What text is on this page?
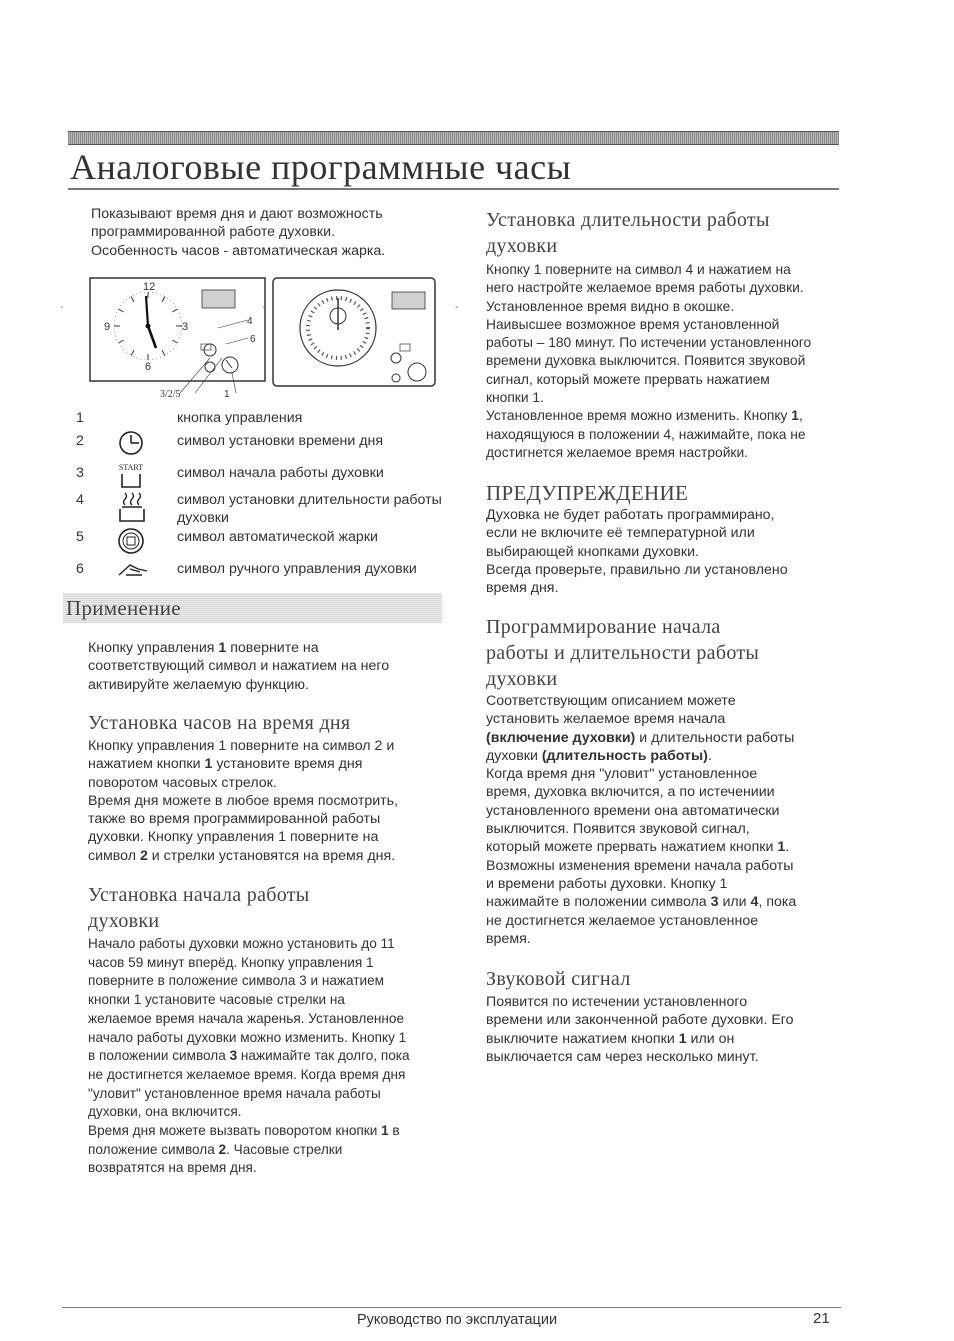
Аналоговые программные часы

Показывают время дня и дают возможность

программированной работе дуxовки.

Особенность часов - автоматичeская жарка.

12
3
6
9	4
6
3/2/5	1
-	-	-
1	кнопка управления
2	символ установки времени дня
3	START символ начала работы духовки
4	символ установки длительности работы духовки
5	символ автоматической жарки
6	символ ручного управления духовки
Применение

Кнопку управления 1 поверните на

соответствующий символ и нажатием на него

активируйте желаемую функцию.

Установка часов на время дня

Кнопку управления 1 поверните на символ 2 и

нажатием кнопки 1 установите время дня

поворотом часовых стрелок.

Время дня можете в любое время посмотрить,

также во время программированной работы

духовки. Кнопку управления 1 поверните на

символ 2 и стрелки установятся на время дня.

Установка начала работы
духовки

Начало работы духовки можно установить до 11

часов 59 минут вперёд. Кнопку управления 1

поверните в положение символа 3 и нажатием

кнопки 1 установите часовые стрелки на

желаемое время начала жаренья. Установленное

начало работы духовки можно изменить. Кнопку 1

в положении символа 3 нажимайте так долго, пока

не достигнется желаемое время. Когда время дня

"уловит" установленное время начала работы

духовки, она включится.

Время дня можете вызвать поворотом кнопки 1 в

положение символа 2. Часовые стрелки

возвратятся на время дня.

Установка длительности работы
духовки

Кнопку 1 поверните на символ 4 и нажатием на

него настройте желаемое время работы духовки.

Установленное время видно в окошке.

Наивысшее возможное время установленной

работы – 180 минут. По истечении установленного

времени духовка выключится. Появится звуковой

сигнал, который можете прервать нажатием

кнопки 1.

Установленное время можно изменить. Кнопку 1,

находящуюся в положении 4, нажимайте, пока не

достигнется желаемое время настройки.

ПРЕДУПРЕЖДЕНИЕ

Духовка не будет работать программирано,

если не включите её температурной или

выбирающей кнопками духовки.

Всегда проверьте, правильно ли установлено

время дня.

Программирование начала
работы и длительности работы
духовки

Соответствующим описанием можете

установить желаемое время начала

(включение духовки) и длительности работы

духовки (длительность работы).

Когда время дня "уловит" установленное

время, духовка включится, а по истечениии

установленного времени она автоматически

выключится. Появится звуковой сигнал,

который можете прервать нажатием кнопки 1.

Возможны изменения времени начала работы

и времени работы духовки. Кнопку 1

нажимайте в положении символа 3 или 4, пока

не достигнется желаемое установленное

время.

Звуковой сигнал

Появится по истечении установленного

времени или законченной работе духовки. Его

выключите нажатием кнопки 1 или он

выключается сам через несколько минут.

Руководство по эксплуатации	21
